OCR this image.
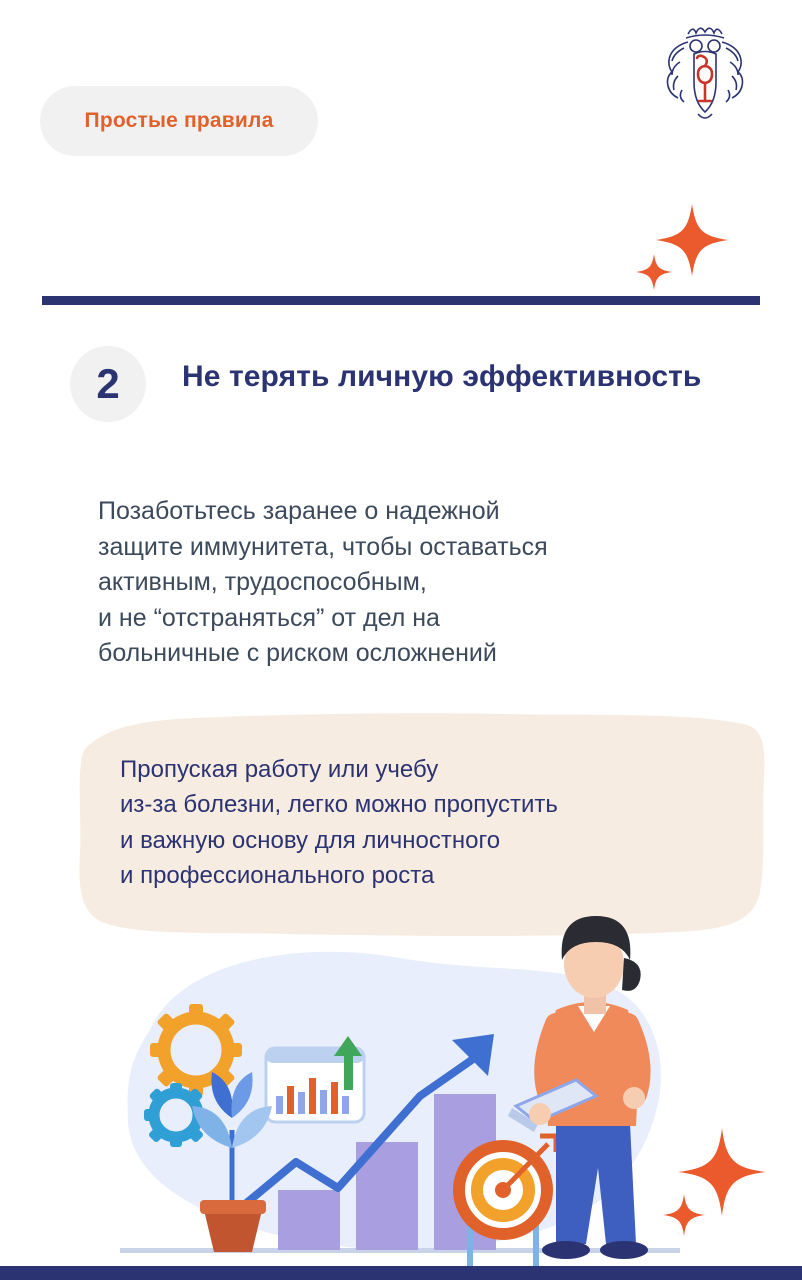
Простые правила
2 Не терять личную эффективность
Позаботьтесь заранее о надежной
защите иммунитета, чтобы оставаться
активным, трудоспособным,
и не “отстраняться” от дел на
больничные с риском осложнений
Пропуская работу или учебу
из-за болезни, легко можно пропустить
и важную основу для личностного
и профессионального роста
